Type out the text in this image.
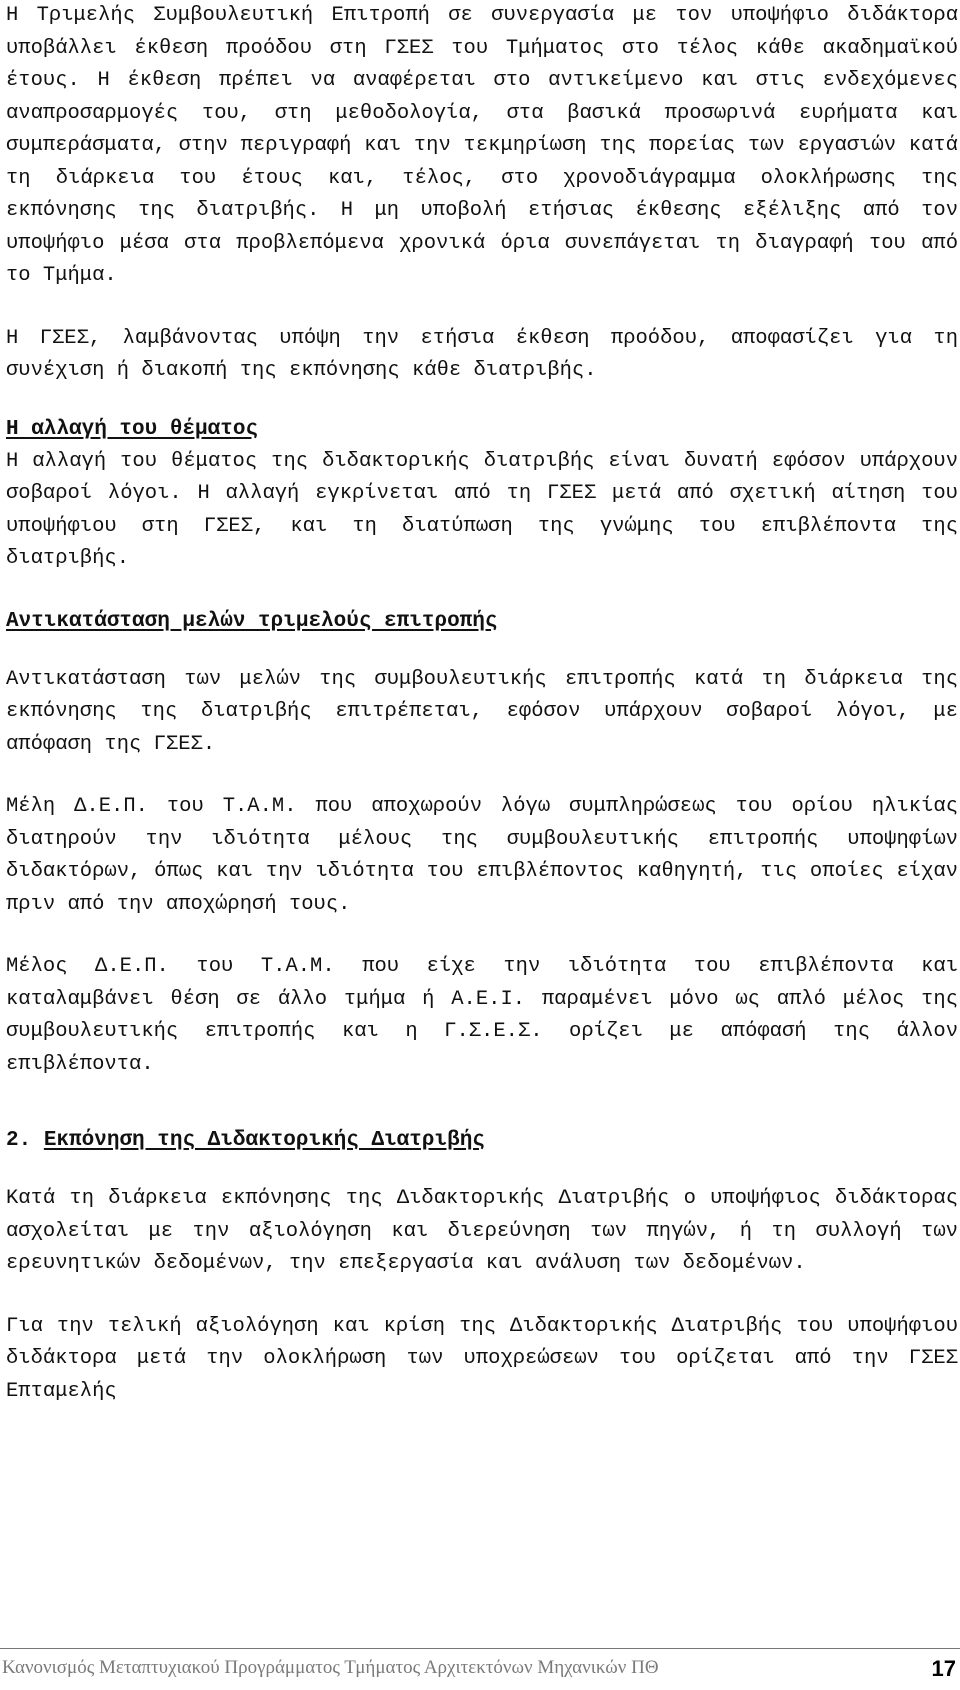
Η Τριμελής Συμβουλευτική Επιτροπή σε συνεργασία με τον υποψήφιο διδάκτορα υποβάλλει έκθεση προόδου στη ΓΣΕΣ του Τμήματος στο τέλος κάθε ακαδημαϊκού έτους. Η έκθεση πρέπει να αναφέρεται στο αντικείμενο και στις ενδεχόμενες αναπροσαρμογές του, στη μεθοδολογία, στα βασικά προσωρινά ευρήματα και συμπεράσματα, στην περιγραφή και την τεκμηρίωση της πορείας των εργασιών κατά τη διάρκεια του έτους και, τέλος, στο χρονοδιάγραμμα ολοκλήρωσης της εκπόνησης της διατριβής. Η μη υποβολή ετήσιας έκθεσης εξέλιξης από τον υποψήφιο μέσα στα προβλεπόμενα χρονικά όρια συνεπάγεται τη διαγραφή του από το Τμήμα.

Η ΓΣΕΣ, λαμβάνοντας υπόψη την ετήσια έκθεση προόδου, αποφασίζει για τη συνέχιση ή διακοπή της εκπόνησης κάθε διατριβής.

Η αλλαγή του θέματος

Η αλλαγή του θέματος της διδακτορικής διατριβής είναι δυνατή εφόσον υπάρχουν σοβαροί λόγοι. Η αλλαγή εγκρίνεται από τη ΓΣΕΣ μετά από σχετική αίτηση του υποψήφιου στη ΓΣΕΣ, και τη διατύπωση της γνώμης του επιβλέποντα της διατριβής.

Αντικατάσταση μελών τριμελούς επιτροπής

Αντικατάσταση των μελών της συμβουλευτικής επιτροπής κατά τη διάρκεια της εκπόνησης της διατριβής επιτρέπεται, εφόσον υπάρχουν σοβαροί λόγοι, με απόφαση της ΓΣΕΣ.

Μέλη Δ.Ε.Π. του Τ.Α.Μ. που αποχωρούν λόγω συμπληρώσεως του ορίου ηλικίας διατηρούν την ιδιότητα μέλους της συμβουλευτικής επιτροπής υποψηφίων διδακτόρων, όπως και την ιδιότητα του επιβλέποντος καθηγητή, τις οποίες είχαν πριν από την αποχώρησή τους.

Μέλος Δ.Ε.Π. του Τ.Α.Μ. που είχε την ιδιότητα του επιβλέποντα και καταλαμβάνει θέση σε άλλο τμήμα ή Α.Ε.Ι. παραμένει μόνο ως απλό μέλος της συμβουλευτικής επιτροπής και η Γ.Σ.Ε.Σ. ορίζει με απόφασή της άλλον επιβλέποντα.

2. Εκπόνηση της Διδακτορικής Διατριβής

Κατά τη διάρκεια εκπόνησης της Διδακτορικής Διατριβής ο υποψήφιος διδάκτορας ασχολείται με την αξιολόγηση και διερεύνηση των πηγών, ή τη συλλογή των ερευνητικών δεδομένων, την επεξεργασία και ανάλυση των δεδομένων.

Για την τελική αξιολόγηση και κρίση της Διδακτορικής Διατριβής του υποψήφιου διδάκτορα μετά την ολοκλήρωση των υποχρεώσεων του ορίζεται από την ΓΣΕΣ Επταμελής

Κανονισμός Μεταπτυχιακού Προγράμματος Τμήματος Αρχιτεκτόνων Μηχανικών ΠΘ	17
